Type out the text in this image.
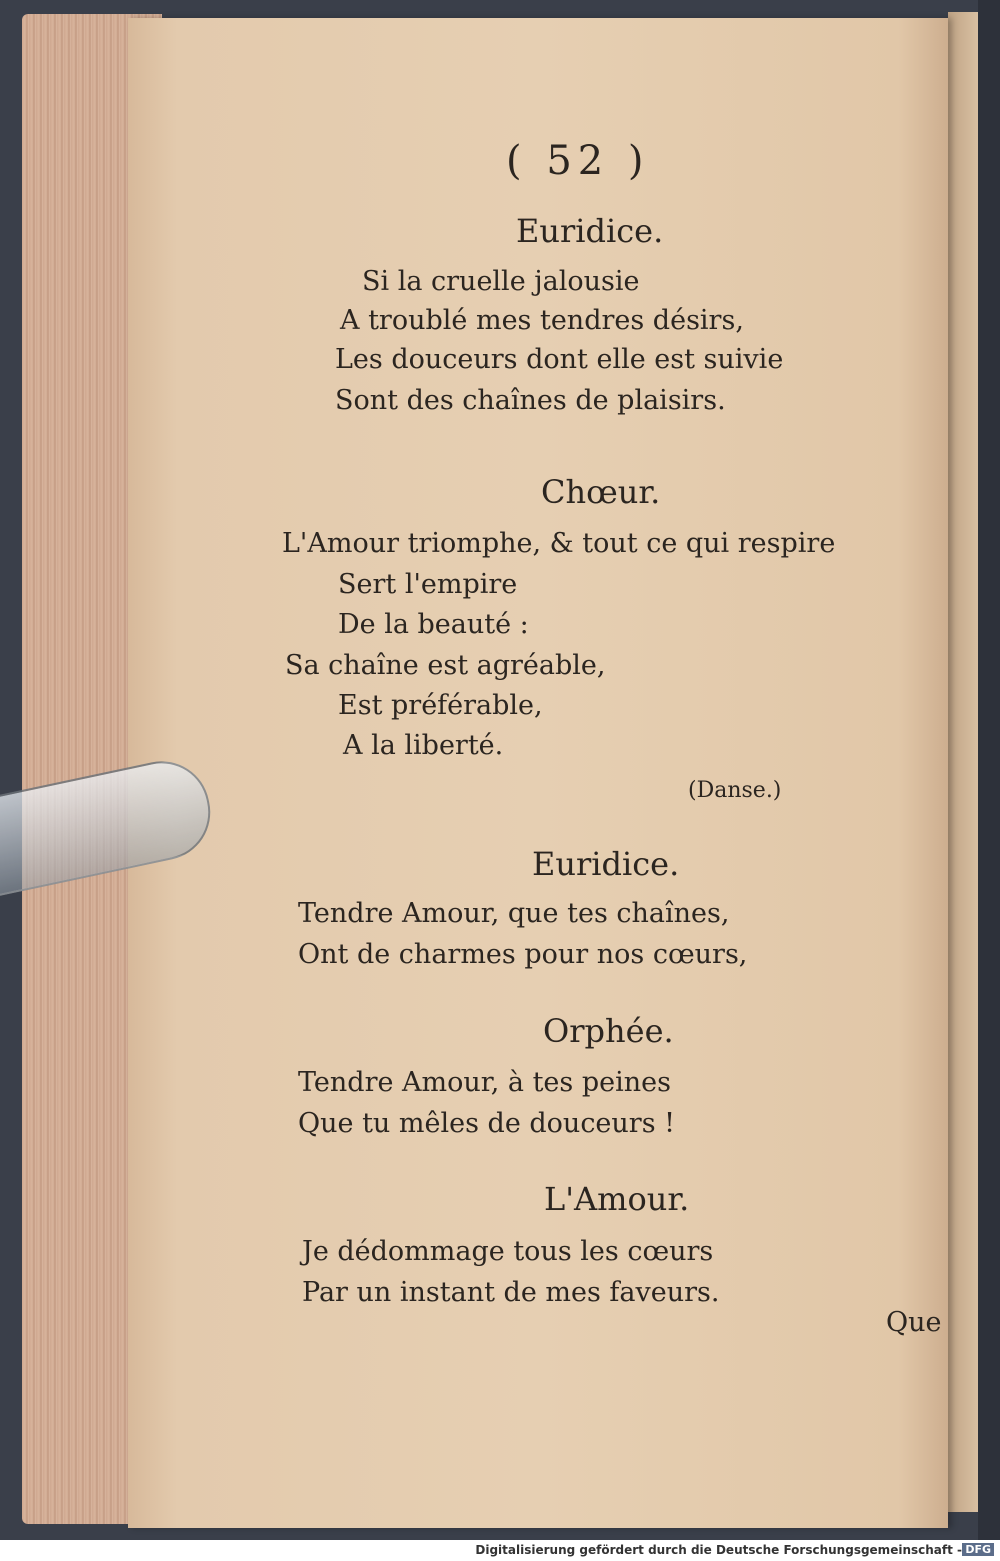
( 52 )
Euridice.
Si la cruelle jalousie
A troublé mes tendres désirs,
Les douceurs dont elle est suivie
Sont des chaînes de plaisirs.
Chœur.
L'Amour triomphe, & tout ce qui respire
Sert l'empire
De la beauté :
Sa chaîne est agréable,
Est préférable,
A la liberté.
(Danse.)
Euridice.
Tendre Amour, que tes chaînes,
Ont de charmes pour nos cœurs,
Orphée.
Tendre Amour, à tes peines
Que tu mêles de douceurs !
L'Amour.
Je dédommage tous les cœurs
Par un instant de mes faveurs.
Que
Digitalisierung gefördert durch die Deutsche Forschungsgemeinschaft - DFG
